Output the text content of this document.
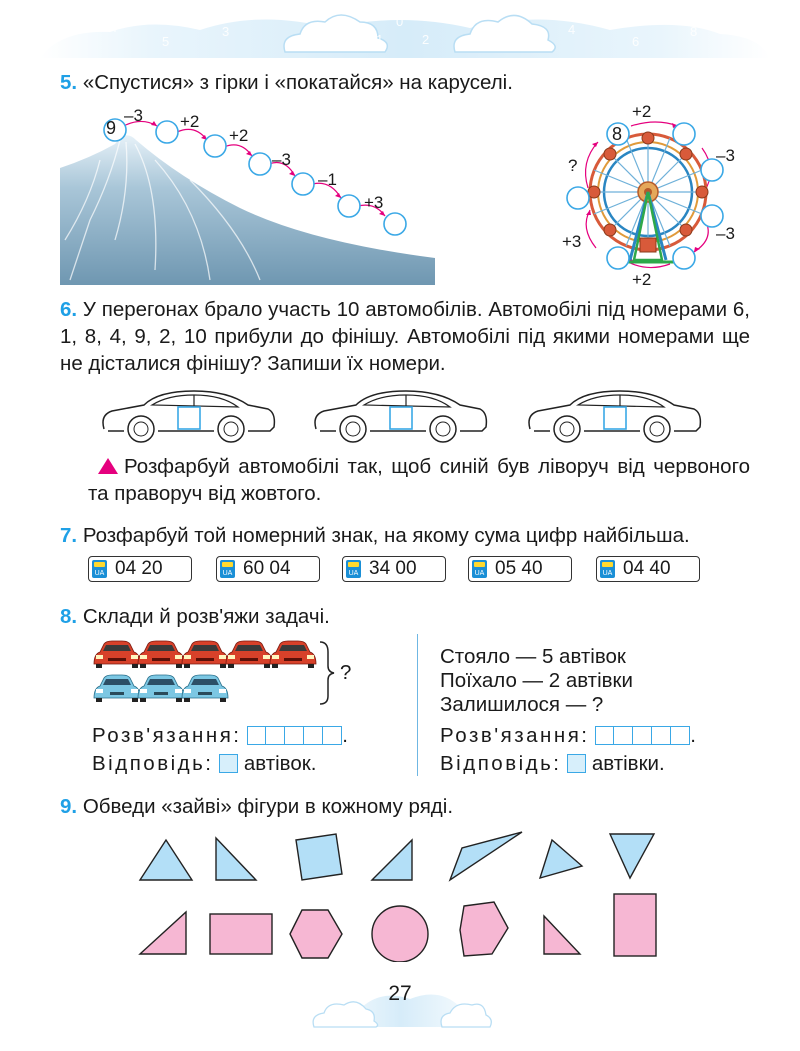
7
5
3
0
1	2
4
6
8
5. «Спустися» з гірки і «покатайся» на каруселі.
9
–3 +2
+2
–3
–1
+3
8
+2
–3
–3
+2
+3
?
6. У перегонах брало участь 10 автомобілів. Автомобілі під номерами 6, 1, 8, 4, 9, 2, 10 прибули до фінішу. Автомобілі під якими номерами ще не дісталися фінішу? Запиши їх номери.
Розфарбуй автомобілі так, щоб синій був ліворуч від червоного та праворуч від жовтого.
7. Розфарбуй той номерний знак, на якому сума цифр найбільша.
UA 04 20	UA 60 04	UA 34 00	UA 05 40	UA 04 40
8. Склади й розв'яжи задачі.
?
Розв'язання:	.
Відповідь: автівок.
Стояло — 5 автівок
Поїхало — 2 автівки
Залишилося — ?
Розв'язання:	.
Відповідь: автівки.
9. Обведи «зайві» фігури в кожному ряді.
27
